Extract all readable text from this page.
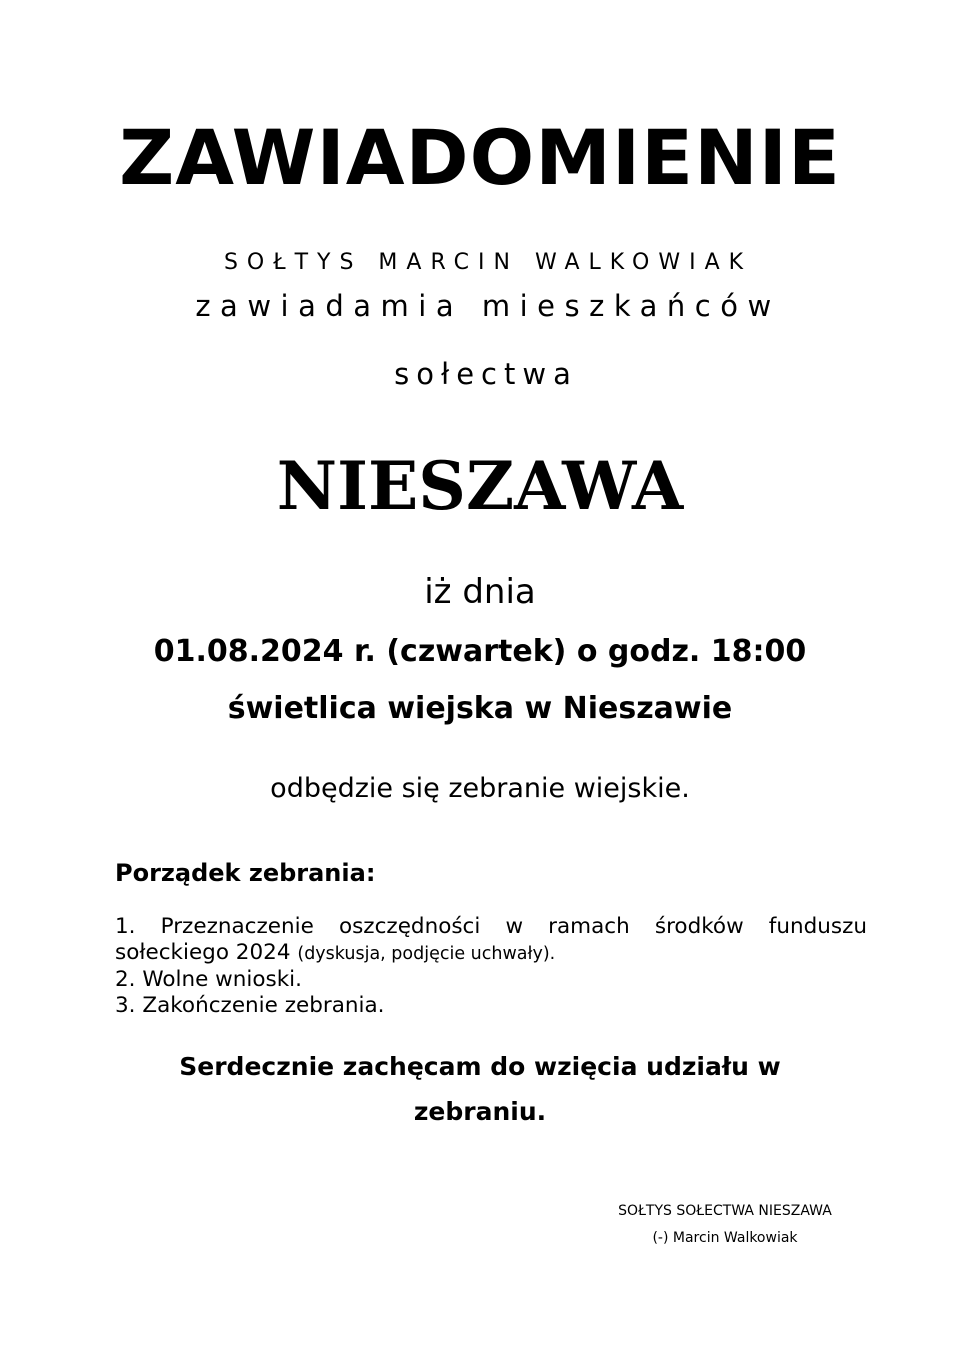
ZAWIADOMIENIE
SOŁTYS MARCIN WALKOWIAK
zawiadamia mieszkańców
sołectwa
NIESZAWA
iż dnia
01.08.2024 r. (czwartek) o godz. 18:00
świetlica wiejska w Nieszawie
odbędzie się zebranie wiejskie.
Porządek zebrania:
1. Przeznaczenie oszczędności w ramach środków funduszu sołeckiego 2024 (dyskusja, podjęcie uchwały).
2. Wolne wnioski.
3. Zakończenie zebrania.
Serdecznie zachęcam do wzięcia udziału w
zebraniu.
SOŁTYS SOŁECTWA NIESZAWA
(-) Marcin Walkowiak
